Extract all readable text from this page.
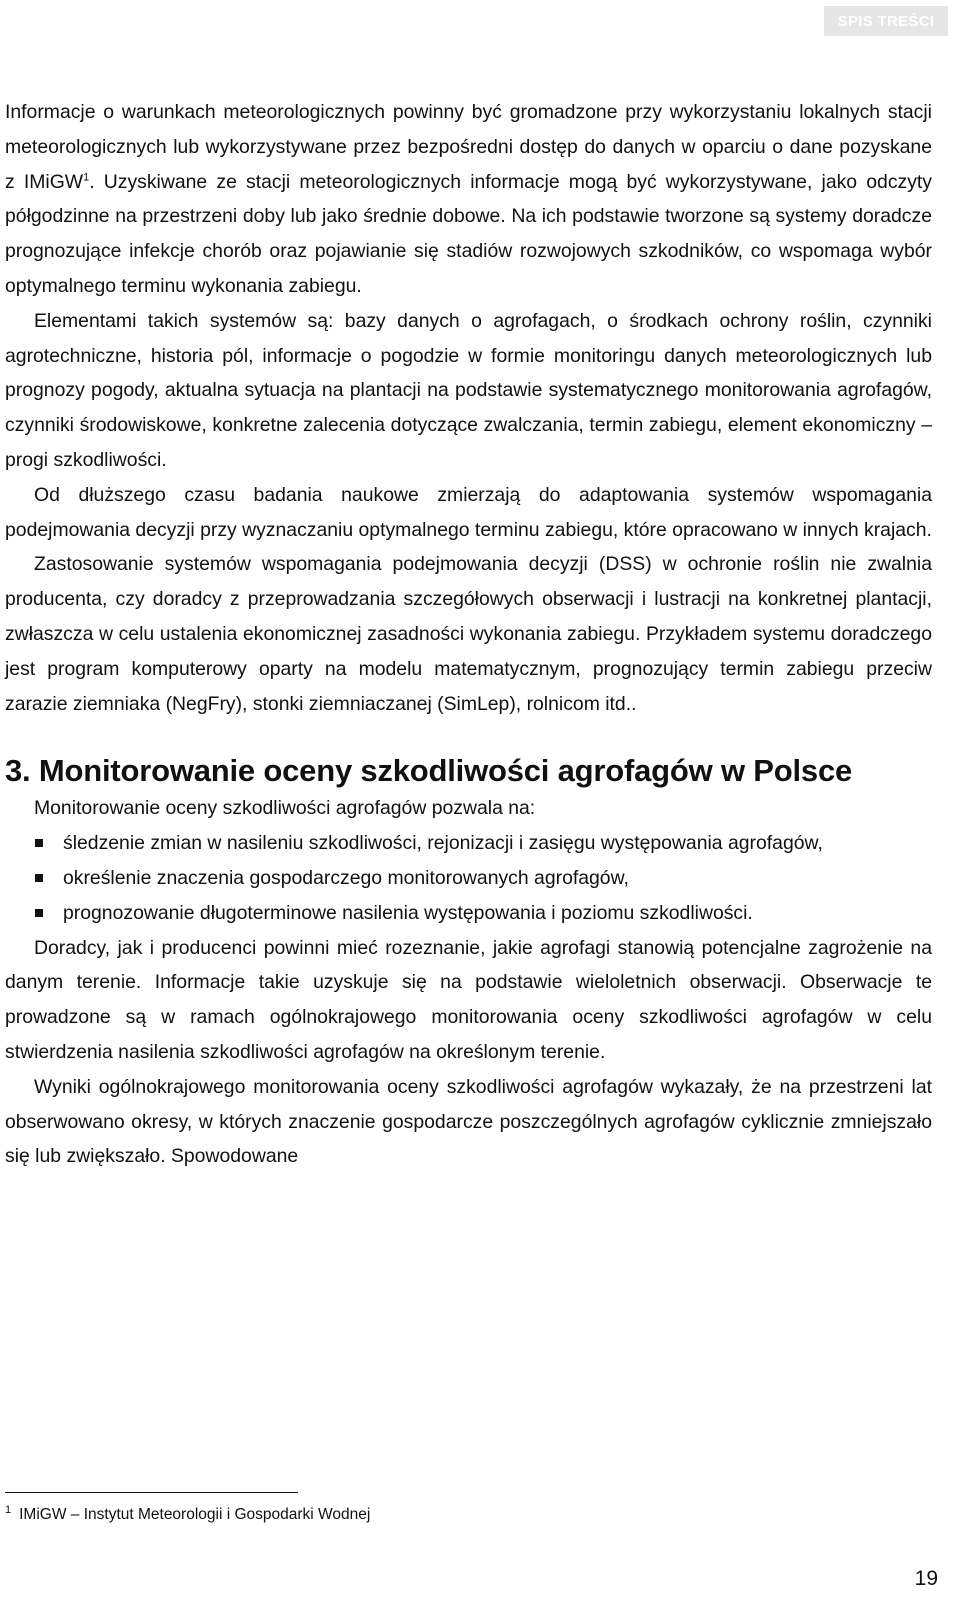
SPIS TREŚCI

Informacje o warunkach meteorologicznych powinny być gromadzone przy wykorzystaniu lokalnych stacji meteorologicznych lub wykorzystywane przez bezpośredni dostęp do danych w oparciu o dane pozyskane z IMiGW$^1$. Uzyskiwane ze stacji meteorologicznych informacje mogą być wykorzystywane, jako odczyty półgodzinne na przestrzeni doby lub jako średnie dobowe. Na ich podstawie tworzone są systemy doradcze prognozujące infekcje chorób oraz pojawianie się stadiów rozwojowych szkodników, co wspomaga wybór optymalnego terminu wykonania zabiegu.

Elementami takich systemów są: bazy danych o agrofagach, o środkach ochrony roślin, czynniki agrotechniczne, historia pól, informacje o pogodzie w formie monitoringu danych meteorologicznych lub prognozy pogody, aktualna sytuacja na plantacji na podstawie systematycznego monitorowania agrofagów, czynniki środowiskowe, konkretne zalecenia dotyczące zwalczania, termin zabiegu, element ekonomiczny – progi szkodliwości.

Od dłuższego czasu badania naukowe zmierzają do adaptowania systemów wspomagania podejmowania decyzji przy wyznaczaniu optymalnego terminu zabiegu, które opracowano w innych krajach.

Zastosowanie systemów wspomagania podejmowania decyzji (DSS) w ochronie roślin nie zwalnia producenta, czy doradcy z przeprowadzania szczegółowych obserwacji i lustracji na konkretnej plantacji, zwłaszcza w celu ustalenia ekonomicznej zasadności wykonania zabiegu. Przykładem systemu doradczego jest program komputerowy oparty na modelu matematycznym, prognozujący termin zabiegu przeciw zarazie ziemniaka (NegFry), stonki ziemniaczanej (SimLep), rolnicom itd..

3. Monitorowanie oceny szkodliwości agrofagów w Polsce

Monitorowanie oceny szkodliwości agrofagów pozwala na:

śledzenie zmian w nasileniu szkodliwości, rejonizacji i zasięgu występowania agrofagów,
określenie znaczenia gospodarczego monitorowanych agrofagów,
prognozowanie długoterminowe nasilenia występowania i poziomu szkodliwości.

Doradcy, jak i producenci powinni mieć rozeznanie, jakie agrofagi stanowią potencjalne zagrożenie na danym terenie. Informacje takie uzyskuje się na podstawie wieloletnich obserwacji. Obserwacje te prowadzone są w ramach ogólnokrajowego monitorowania oceny szkodliwości agrofagów w celu stwierdzenia nasilenia szkodliwości agrofagów na określonym terenie.

Wyniki ogólnokrajowego monitorowania oceny szkodliwości agrofagów wykazały, że na przestrzeni lat obserwowano okresy, w których znaczenie gospodarcze poszczególnych agrofagów cyklicznie zmniejszało się lub zwiększało. Spowodowane

$^1$ IMiGW – Instytut Meteorologii i Gospodarki Wodnej
19
